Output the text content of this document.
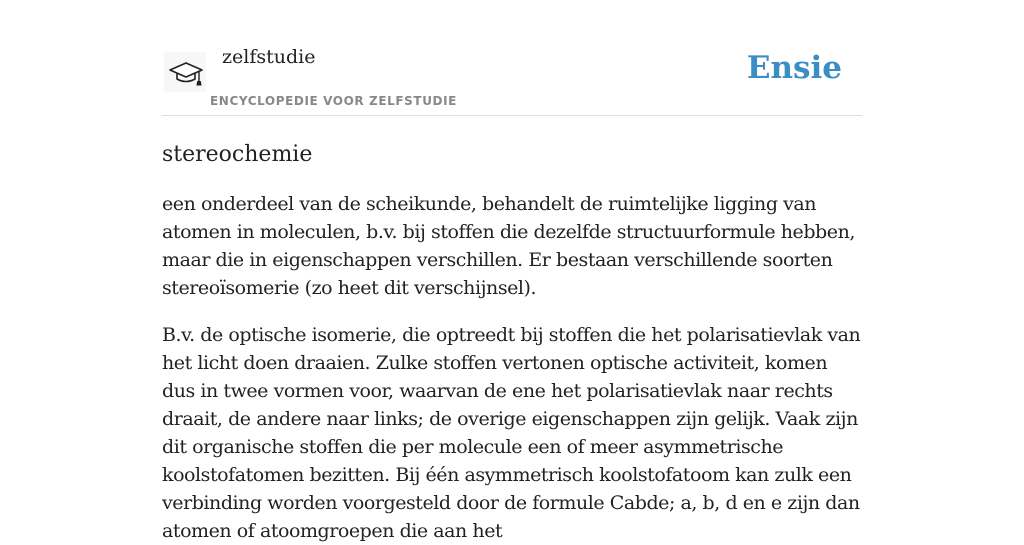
zelfstudie
ENCYCLOPEDIE VOOR ZELFSTUDIE
Ensie
stereochemie

een onderdeel van de scheikunde, behandelt de ruimtelijke ligging van atomen in moleculen, b.v. bij stoffen die dezelfde structuurformule hebben, maar die in eigenschappen verschillen. Er bestaan verschillende soorten stereoïsomerie (zo heet dit verschijnsel).

B.v. de optische isomerie, die optreedt bij stoffen die het polarisatievlak van het licht doen draaien. Zulke stoffen vertonen optische activiteit, komen dus in twee vormen voor, waarvan de ene het polarisatievlak naar rechts draait, de andere naar links; de overige eigenschappen zijn gelijk. Vaak zijn dit organische stoffen die per molecule een of meer asymmetrische koolstofatomen bezitten. Bij één asymmetrisch koolstofatoom kan zulk een verbinding worden voorgesteld door de formule Cabde; a, b, d en e zijn dan atomen of atoomgroepen die aan het
